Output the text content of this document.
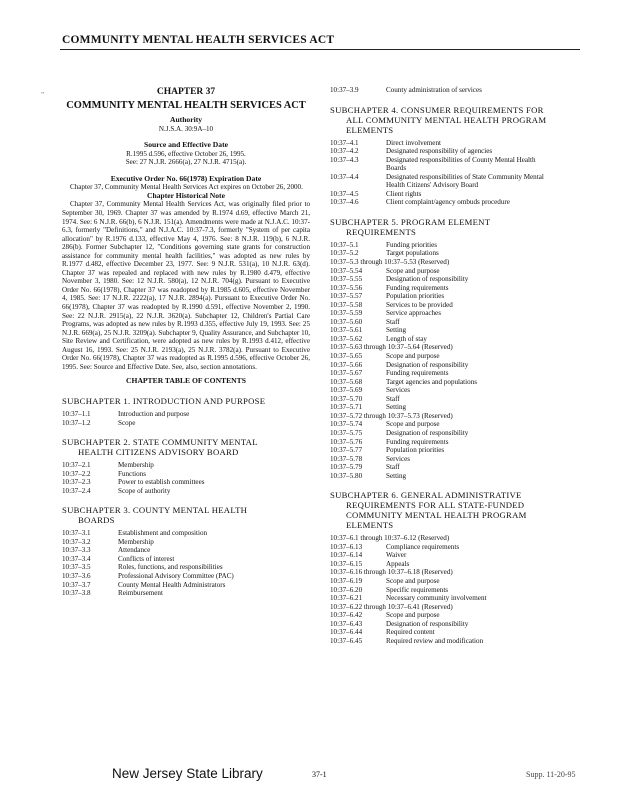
COMMUNITY MENTAL HEALTH SERVICES ACT
CHAPTER 37
COMMUNITY MENTAL HEALTH SERVICES ACT
Authority
N.J.S.A. 30:9A–10
Source and Effective Date
R.1995 d.596, effective October 26, 1995.
See: 27 N.J.R. 2666(a), 27 N.J.R. 4715(a).
Executive Order No. 66(1978) Expiration Date
Chapter 37, Community Mental Health Services Act expires on October 26, 2000.
Chapter Historical Note
Chapter 37, Community Mental Health Services Act, was originally filed prior to September 30, 1969. Chapter 37 was amended by R.1974 d.69, effective March 21, 1974. See: 6 N.J.R. 66(b), 6 N.J.R. 151(a). Amendments were made at N.J.A.C. 10:37-6.3, formerly "Definitions," and N.J.A.C. 10:37-7.3, formerly "System of per capita allocation" by R.1976 d.133, effective May 4, 1976. See: 8 N.J.R. 119(b), 6 N.J.R. 286(b). Former Subchapter 12, "Conditions governing state grants for construction assistance for community mental health facilities," was adopted as new rules by R.1977 d.482, effective December 23, 1977. See: 9 N.J.R. 531(a), 10 N.J.R. 63(d). Chapter 37 was repealed and replaced with new rules by R.1980 d.479, effective November 3, 1980. See: 12 N.J.R. 580(a), 12 N.J.R. 704(g). Pursuant to Executive Order No. 66(1978), Chapter 37 was readopted by R.1985 d.605, effective November 4, 1985. See: 17 N.J.R. 2222(a), 17 N.J.R. 2894(a). Pursuant to Executive Order No. 66(1978), Chapter 37 was readopted by R.1990 d.591, effective November 2, 1990. See: 22 N.J.R. 2915(a), 22 N.J.R. 3620(a). Subchapter 12, Children's Partial Care Programs, was adopted as new rules by R.1993 d.355, effective July 19, 1993. See: 25 N.J.R. 669(a), 25 N.J.R. 3209(a). Subchapter 9, Quality Assurance, and Subchapter 10, Site Review and Certification, were adopted as new rules by R.1993 d.412, effective August 16, 1993. See: 25 N.J.R. 2193(a), 25 N.J.R. 3782(a). Pursuant to Executive Order No. 66(1978), Chapter 37 was readopted as R.1995 d.596, effective October 26, 1995. See: Source and Effective Date. See, also, section annotations.
CHAPTER TABLE OF CONTENTS
SUBCHAPTER 1. INTRODUCTION AND PURPOSE
10:37–1.1	Introduction and purpose
10:37–1.2	Scope
SUBCHAPTER 2. STATE COMMUNITY MENTAL
HEALTH CITIZENS ADVISORY BOARD
10:37–2.1	Membership
10:37–2.2	Functions
10:37–2.3	Power to establish committees
10:37–2.4	Scope of authority
SUBCHAPTER 3. COUNTY MENTAL HEALTH
BOARDS
10:37–3.1	Establishment and composition
10:37–3.2	Membership
10:37–3.3	Attendance
10:37–3.4	Conflicts of interest
10:37–3.5	Roles, functions, and responsibilities
10:37–3.6	Professional Advisory Committee (PAC)
10:37–3.7	County Mental Health Administrators
10:37–3.8	Reimbursement
”
10:37–3.9	County administration of services
SUBCHAPTER 4. CONSUMER REQUIREMENTS FOR
ALL COMMUNITY MENTAL HEALTH PROGRAM
ELEMENTS
10:37–4.1	Direct involvement
10:37–4.2	Designated responsibility of agencies
10:37–4.3	Designated responsibilities of County Mental Health
Boards
10:37–4.4	Designated responsibilities of State Community Mental
Health Citizens' Advisory Board
10:37–4.5	Client rights
10:37–4.6	Client complaint/agency ombuds procedure
SUBCHAPTER 5. PROGRAM ELEMENT
REQUIREMENTS
10:37–5.1	Funding priorities
10:37–5.2	Target populations
10:37–5.3 through 10:37–5.53 (Reserved)
10:37–5.54	Scope and purpose
10:37–5.55	Designation of responsibility
10:37–5.56	Funding requirements
10:37–5.57	Population priorities
10:37–5.58	Services to be provided
10:37–5.59	Service approaches
10:37–5.60	Staff
10:37–5.61	Setting
10:37–5.62	Length of stay
10:37–5.63 through 10:37–5.64 (Reserved)
10:37–5.65	Scope and purpose
10:37–5.66	Designation of responsibility
10:37–5.67	Funding requirements
10:37–5.68	Target agencies and populations
10:37–5.69	Services
10:37–5.70	Staff
10:37–5.71	Setting
10:37–5.72 through 10:37–5.73 (Reserved)
10:37–5.74	Scope and purpose
10:37–5.75	Designation of responsibility
10:37–5.76	Funding requirements
10:37–5.77	Population priorities
10:37–5.78	Services
10:37–5.79	Staff
10:37–5.80	Setting
SUBCHAPTER 6. GENERAL ADMINISTRATIVE
REQUIREMENTS FOR ALL STATE-FUNDED
COMMUNITY MENTAL HEALTH PROGRAM
ELEMENTS
10:37–6.1 through 10:37–6.12 (Reserved)
10:37–6.13	Compliance requirements
10:37–6.14	Waiver
10:37–6.15	Appeals
10:37–6.16 through 10:37–6.18 (Reserved)
10:37–6.19	Scope and purpose
10:37–6.20	Specific requirements
10:37–6.21	Necessary community involvement
10:37–6.22 through 10:37–6.41 (Reserved)
10:37–6.42	Scope and purpose
10:37–6.43	Designation of responsibility
10:37–6.44	Required content
10:37–6.45	Required review and modification
New Jersey State Library	37-1	Supp. 11-20-95
